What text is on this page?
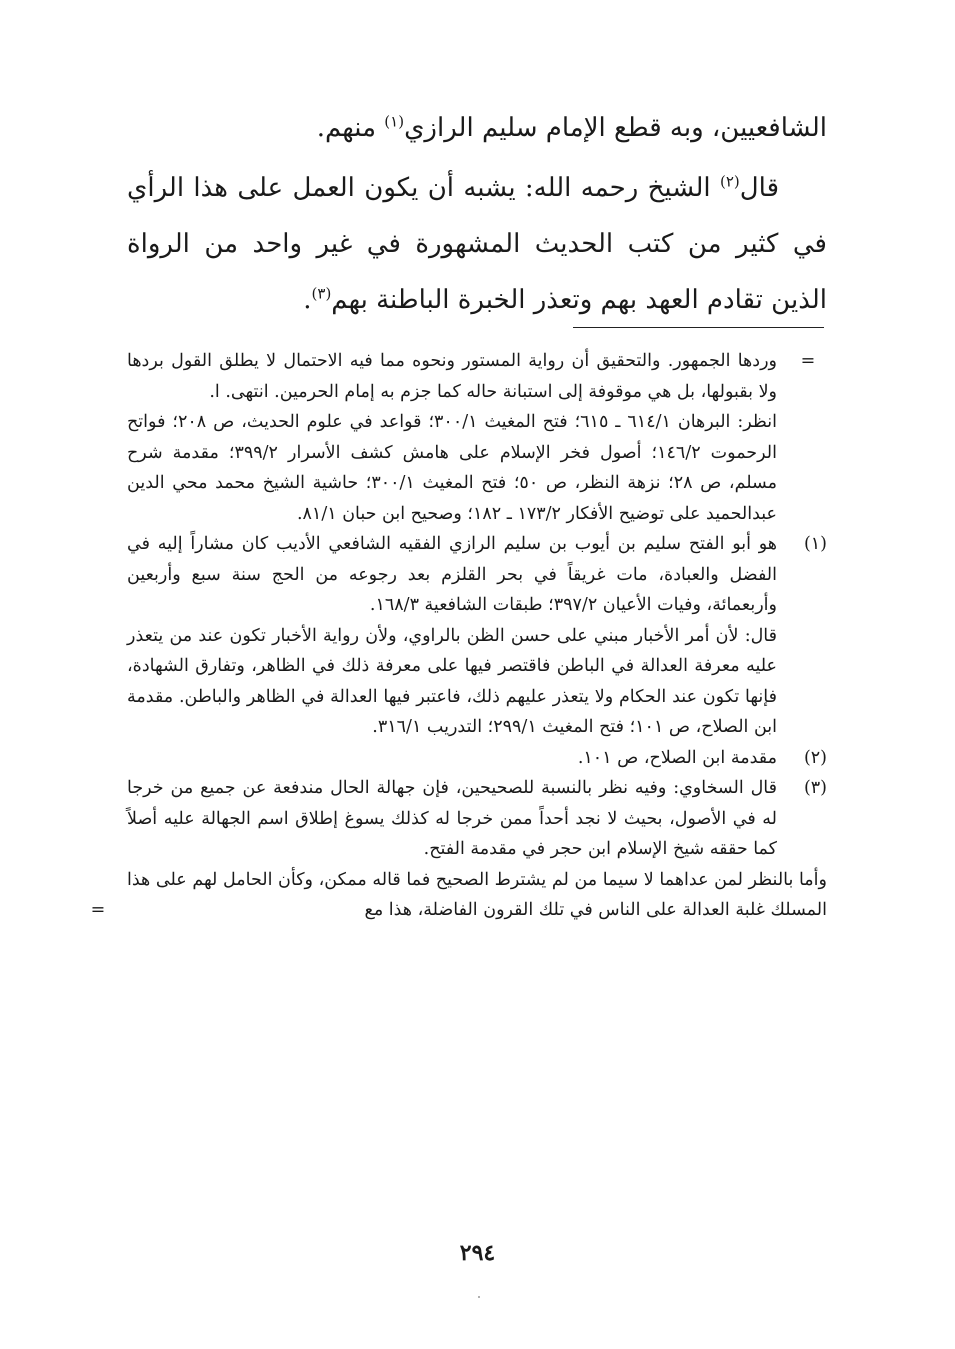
الشافعيين، وبه قطع الإمام سليم الرازي$^{(١)}$ منهم.

قال$^{(٢)}$ الشيخ رحمه الله: يشبه أن يكون العمل على هذا الرأي في كثير من كتب الحديث المشهورة في غير واحد من الرواة الذين تقادم العهد بهم وتعذر الخبرة الباطنة بهم$^{(٣)}$.

=

وردها الجمهور. والتحقيق أن رواية المستور ونحوه مما فيه الاحتمال لا يطلق القول بردها ولا بقبولها، بل هي موقوفة إلى استبانة حاله كما جزم به إمام الحرمين. انتهى. ا.

انظر: البرهان ٦١٤/١ ـ ٦١٥؛ فتح المغيث ٣٠٠/١؛ قواعد في علوم الحديث، ص ٢٠٨؛ فواتح الرحموت ١٤٦/٢؛ أصول فخر الإسلام على هامش كشف الأسرار ٣٩٩/٢؛ مقدمة شرح مسلم، ص ٢٨؛ نزهة النظر، ص ٥٠؛ فتح المغيث ٣٠٠/١؛ حاشية الشيخ محمد محي الدين عبدالحميد على توضيح الأفكار ١٧٣/٢ ـ ١٨٢؛ وصحيح ابن حبان ٨١/١.

(١)

هو أبو الفتح سليم بن أيوب بن سليم الرازي الفقيه الشافعي الأديب كان مشاراً إليه في الفضل والعبادة، مات غريقاً في بحر القلزم بعد رجوعه من الحج سنة سبع وأربعين وأربعمائة، وفيات الأعيان ٣٩٧/٢؛ طبقات الشافعية ١٦٨/٣.

قال: لأن أمر الأخبار مبني على حسن الظن بالراوي، ولأن رواية الأخبار تكون عند من يتعذر عليه معرفة العدالة في الباطن فاقتصر فيها على معرفة ذلك في الظاهر، وتفارق الشهادة، فإنها تكون عند الحكام ولا يتعذر عليهم ذلك، فاعتبر فيها العدالة في الظاهر والباطن. مقدمة ابن الصلاح، ص ١٠١؛ فتح المغيث ٢٩٩/١؛ التدريب ٣١٦/١.

(٢)

مقدمة ابن الصلاح، ص ١٠١.

(٣)

قال السخاوي: وفيه نظر بالنسبة للصحيحين، فإن جهالة الحال مندفعة عن جميع من خرجا له في الأصول، بحيث لا نجد أحداً ممن خرجا له كذلك يسوغ إطلاق اسم الجهالة عليه أصلاً كما حققه شيخ الإسلام ابن حجر في مقدمة الفتح.

وأما بالنظر لمن عداهما لا سيما من لم يشترط الصحيح فما قاله ممكن، وكأن الحامل لهم على هذا المسلك غلبة العدالة على الناس في تلك القرون الفاضلة، هذا مع

=
٢٩٤
